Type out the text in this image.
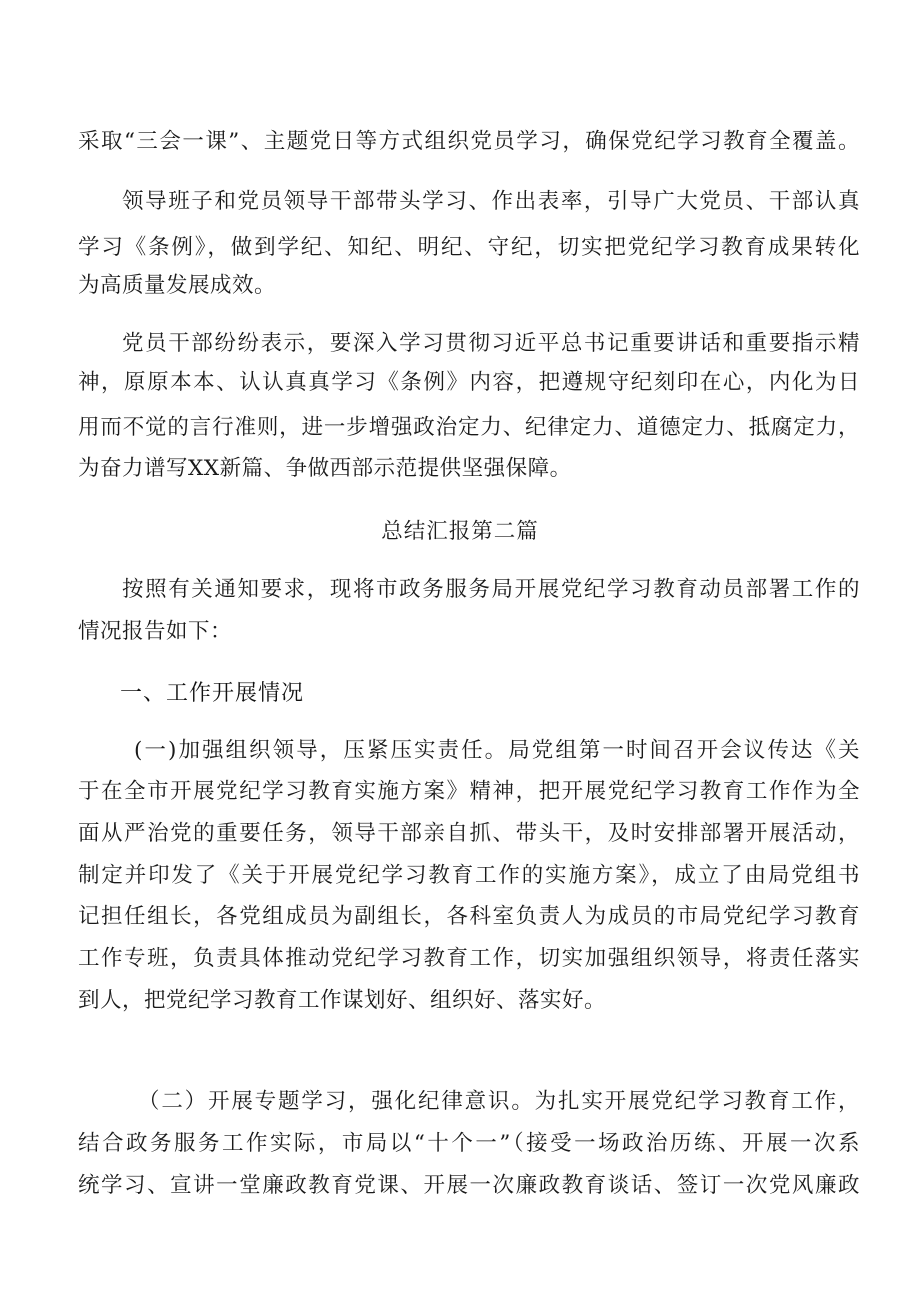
采取“三会一课”、主题党日等方式组织党员学习，确保党纪学习教育全覆盖。
领导班子和党员领导干部带头学习、作出表率，引导广大党员、干部认真
学习《条例》，做到学纪、知纪、明纪、守纪，切实把党纪学习教育成果转化
为高质量发展成效。
党员干部纷纷表示，要深入学习贯彻习近平总书记重要讲话和重要指示精
神，原原本本、认认真真学习《条例》内容，把遵规守纪刻印在心，内化为日
用而不觉的言行准则，进一步增强政治定力、纪律定力、道德定力、抵腐定力，
为奋力谱写XX新篇、争做西部示范提供坚强保障。
总结汇报第二篇
按照有关通知要求，现将市政务服务局开展党纪学习教育动员部署工作的
情况报告如下：
一、工作开展情况
(一)加强组织领导，压紧压实责任。局党组第一时间召开会议传达《关
于在全市开展党纪学习教育实施方案》精神，把开展党纪学习教育工作作为全
面从严治党的重要任务，领导干部亲自抓、带头干，及时安排部署开展活动，
制定并印发了《关于开展党纪学习教育工作的实施方案》，成立了由局党组书
记担任组长，各党组成员为副组长，各科室负责人为成员的市局党纪学习教育
工作专班，负责具体推动党纪学习教育工作，切实加强组织领导，将责任落实
到人，把党纪学习教育工作谋划好、组织好、落实好。
（二）开展专题学习，强化纪律意识。为扎实开展党纪学习教育工作，
结合政务服务工作实际，市局以“十个一”（接受一场政治历练、开展一次系
统学习、宣讲一堂廉政教育党课、开展一次廉政教育谈话、签订一次党风廉政
